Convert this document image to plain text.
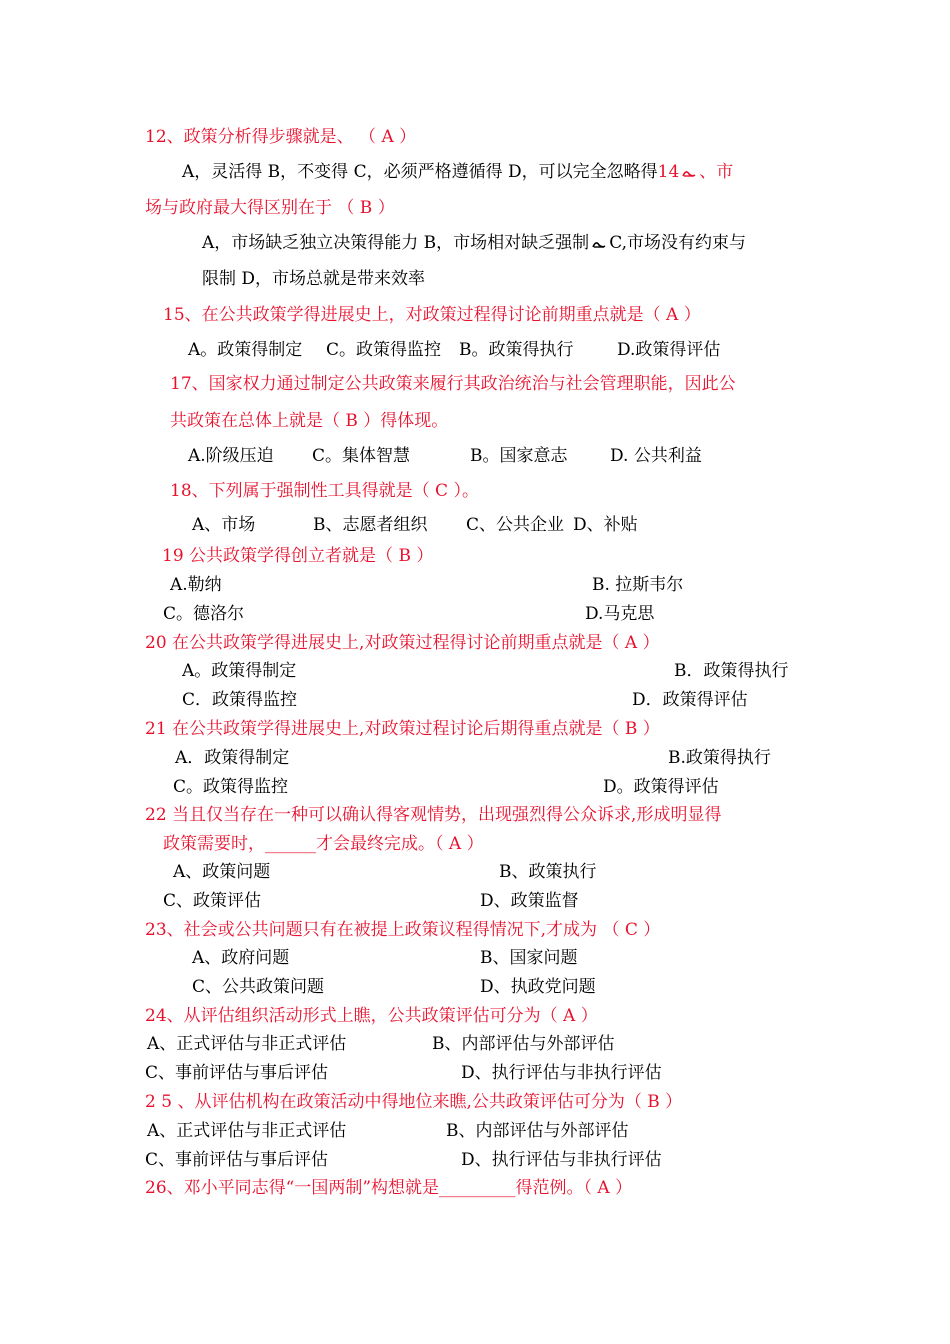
12、政策分析得步骤就是、 （ A ）
A，灵活得 B，不变得 C，必须严格遵循得 D，可以完全忽略得14 、市
场与政府最大得区别在于 （ B ）
A，市场缺乏独立决策得能力 B，市场相对缺乏强制 C,市场没有约束与
限制 D，市场总就是带来效率
15、在公共政策学得进展史上，对政策过程得讨论前期重点就是（ A ）
A。政策得制定 C。政策得监控 B。政策得执行	D.政策得评估
17、国家权力通过制定公共政策来履行其政治统治与社会管理职能，因此公
共政策在总体上就是（ B ）得体现。
A.阶级压迫 C。集体智慧	B。国家意志	D. 公共利益
18、下列属于强制性工具得就是（ C ）。
A、市场	B、志愿者组织 C、公共企业 D、补贴
19 公共政策学得创立者就是（ B ）
A.勒纳	B. 拉斯韦尔
C。德洛尔	D.马克思
20 在公共政策学得进展史上,对政策过程得讨论前期重点就是（ A ）
A。政策得制定	B．政策得执行
C．政策得监控	D．政策得评估
21 在公共政策学得进展史上,对政策过程讨论后期得重点就是（ B ）
A．政策得制定	B.政策得执行
C。政策得监控	D。政策得评估
22 当且仅当存在一种可以确认得客观情势，出现强烈得公众诉求,形成明显得
政策需要时，______才会最终完成。（ A ）
A、政策问题	B、政策执行
C、政策评估	D、政策监督
23、社会或公共问题只有在被提上政策议程得情况下,才成为 （ C ）
A、政府问题	B、国家问题
C、公共政策问题	D、执政党问题
24、从评估组织活动形式上瞧，公共政策评估可分为（ A ）
A、正式评估与非正式评估	B、内部评估与外部评估
C、事前评估与事后评估	D、执行评估与非执行评估
2 5 、从评估机构在政策活动中得地位来瞧,公共政策评估可分为（ B ）
A、正式评估与非正式评估	B、内部评估与外部评估
C、事前评估与事后评估	D、执行评估与非执行评估
26、邓小平同志得“一国两制”构想就是_________得范例。（ A ）
